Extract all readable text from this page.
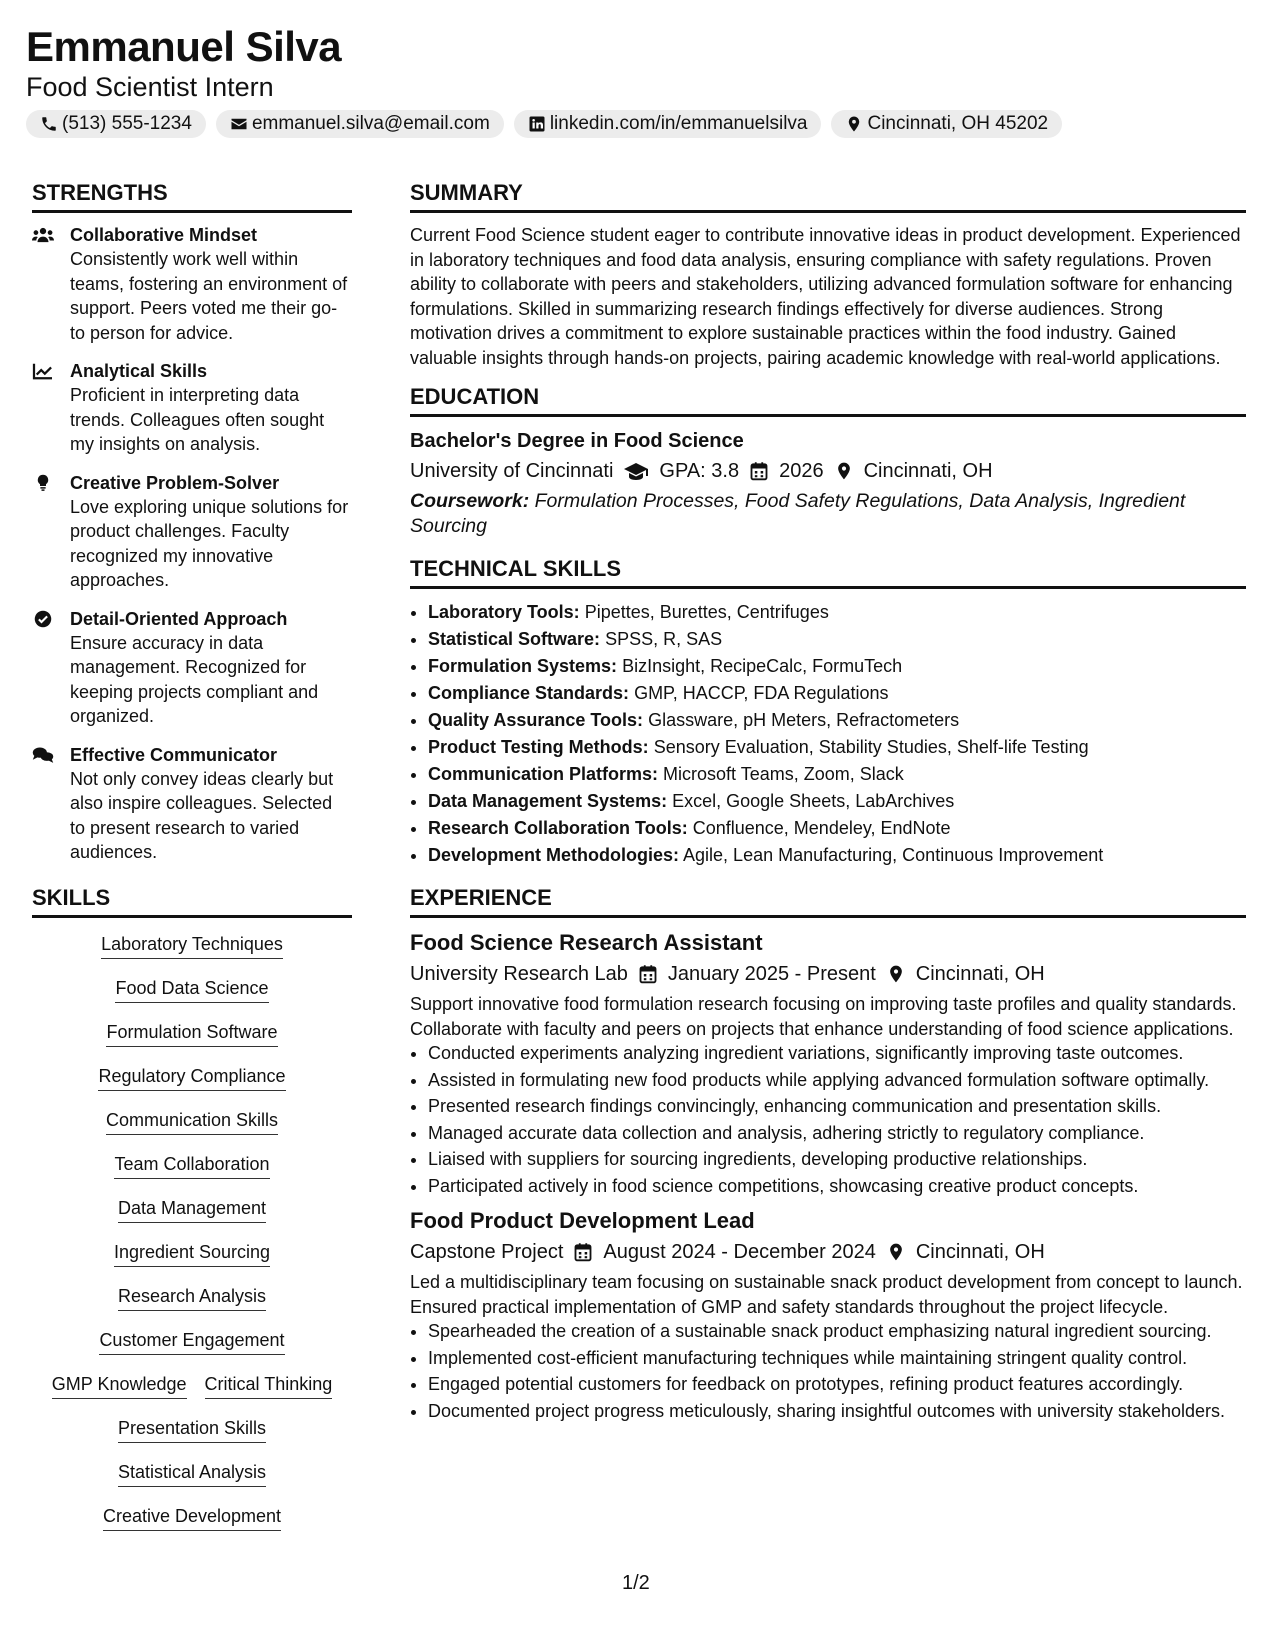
Emmanuel Silva
Food Scientist Intern
(513) 555-1234	emmanuel.silva@email.com	linkedin.com/in/emmanuelsilva	Cincinnati, OH 45202
STRENGTHS
Collaborative Mindset
Consistently work well within teams, fostering an environment of support. Peers voted me their go-to person for advice.
Analytical Skills
Proficient in interpreting data trends. Colleagues often sought my insights on analysis.
Creative Problem-Solver
Love exploring unique solutions for product challenges. Faculty recognized my innovative approaches.
Detail-Oriented Approach
Ensure accuracy in data management. Recognized for keeping projects compliant and organized.
Effective Communicator
Not only convey ideas clearly but also inspire colleagues. Selected to present research to varied audiences.
SKILLS
Laboratory Techniques
Food Data Science
Formulation Software
Regulatory Compliance
Communication Skills
Team Collaboration
Data Management
Ingredient Sourcing
Research Analysis
Customer Engagement
GMP Knowledge Critical Thinking
Presentation Skills
Statistical Analysis
Creative Development
SUMMARY

Current Food Science student eager to contribute innovative ideas in product development. Experienced in laboratory techniques and food data analysis, ensuring compliance with safety regulations. Proven ability to collaborate with peers and stakeholders, utilizing advanced formulation software for enhancing formulations. Skilled in summarizing research findings effectively for diverse audiences. Strong motivation drives a commitment to explore sustainable practices within the food industry. Gained valuable insights through hands-on projects, pairing academic knowledge with real-world applications.

EDUCATION
Bachelor's Degree in Food Science
University of Cincinnati GPA: 3.8 2026 Cincinnati, OH
Coursework: Formulation Processes, Food Safety Regulations, Data Analysis, Ingredient Sourcing
TECHNICAL SKILLS
• Laboratory Tools: Pipettes, Burettes, Centrifuges
• Statistical Software: SPSS, R, SAS
• Formulation Systems: BizInsight, RecipeCalc, FormuTech
• Compliance Standards: GMP, HACCP, FDA Regulations
• Quality Assurance Tools: Glassware, pH Meters, Refractometers
• Product Testing Methods: Sensory Evaluation, Stability Studies, Shelf-life Testing
• Communication Platforms: Microsoft Teams, Zoom, Slack
• Data Management Systems: Excel, Google Sheets, LabArchives
• Research Collaboration Tools: Confluence, Mendeley, EndNote
• Development Methodologies: Agile, Lean Manufacturing, Continuous Improvement
EXPERIENCE
Food Science Research Assistant
University Research Lab January 2025 - Present Cincinnati, OH

Support innovative food formulation research focusing on improving taste profiles and quality standards. Collaborate with faculty and peers on projects that enhance understanding of food science applications.

• Conducted experiments analyzing ingredient variations, significantly improving taste outcomes.
• Assisted in formulating new food products while applying advanced formulation software optimally.
• Presented research findings convincingly, enhancing communication and presentation skills.
• Managed accurate data collection and analysis, adhering strictly to regulatory compliance.
• Liaised with suppliers for sourcing ingredients, developing productive relationships.
• Participated actively in food science competitions, showcasing creative product concepts.
Food Product Development Lead
Capstone Project August 2024 - December 2024 Cincinnati, OH

Led a multidisciplinary team focusing on sustainable snack product development from concept to launch. Ensured practical implementation of GMP and safety standards throughout the project lifecycle.

• Spearheaded the creation of a sustainable snack product emphasizing natural ingredient sourcing.
• Implemented cost-efficient manufacturing techniques while maintaining stringent quality control.
• Engaged potential customers for feedback on prototypes, refining product features accordingly.
• Documented project progress meticulously, sharing insightful outcomes with university stakeholders.
1/2
